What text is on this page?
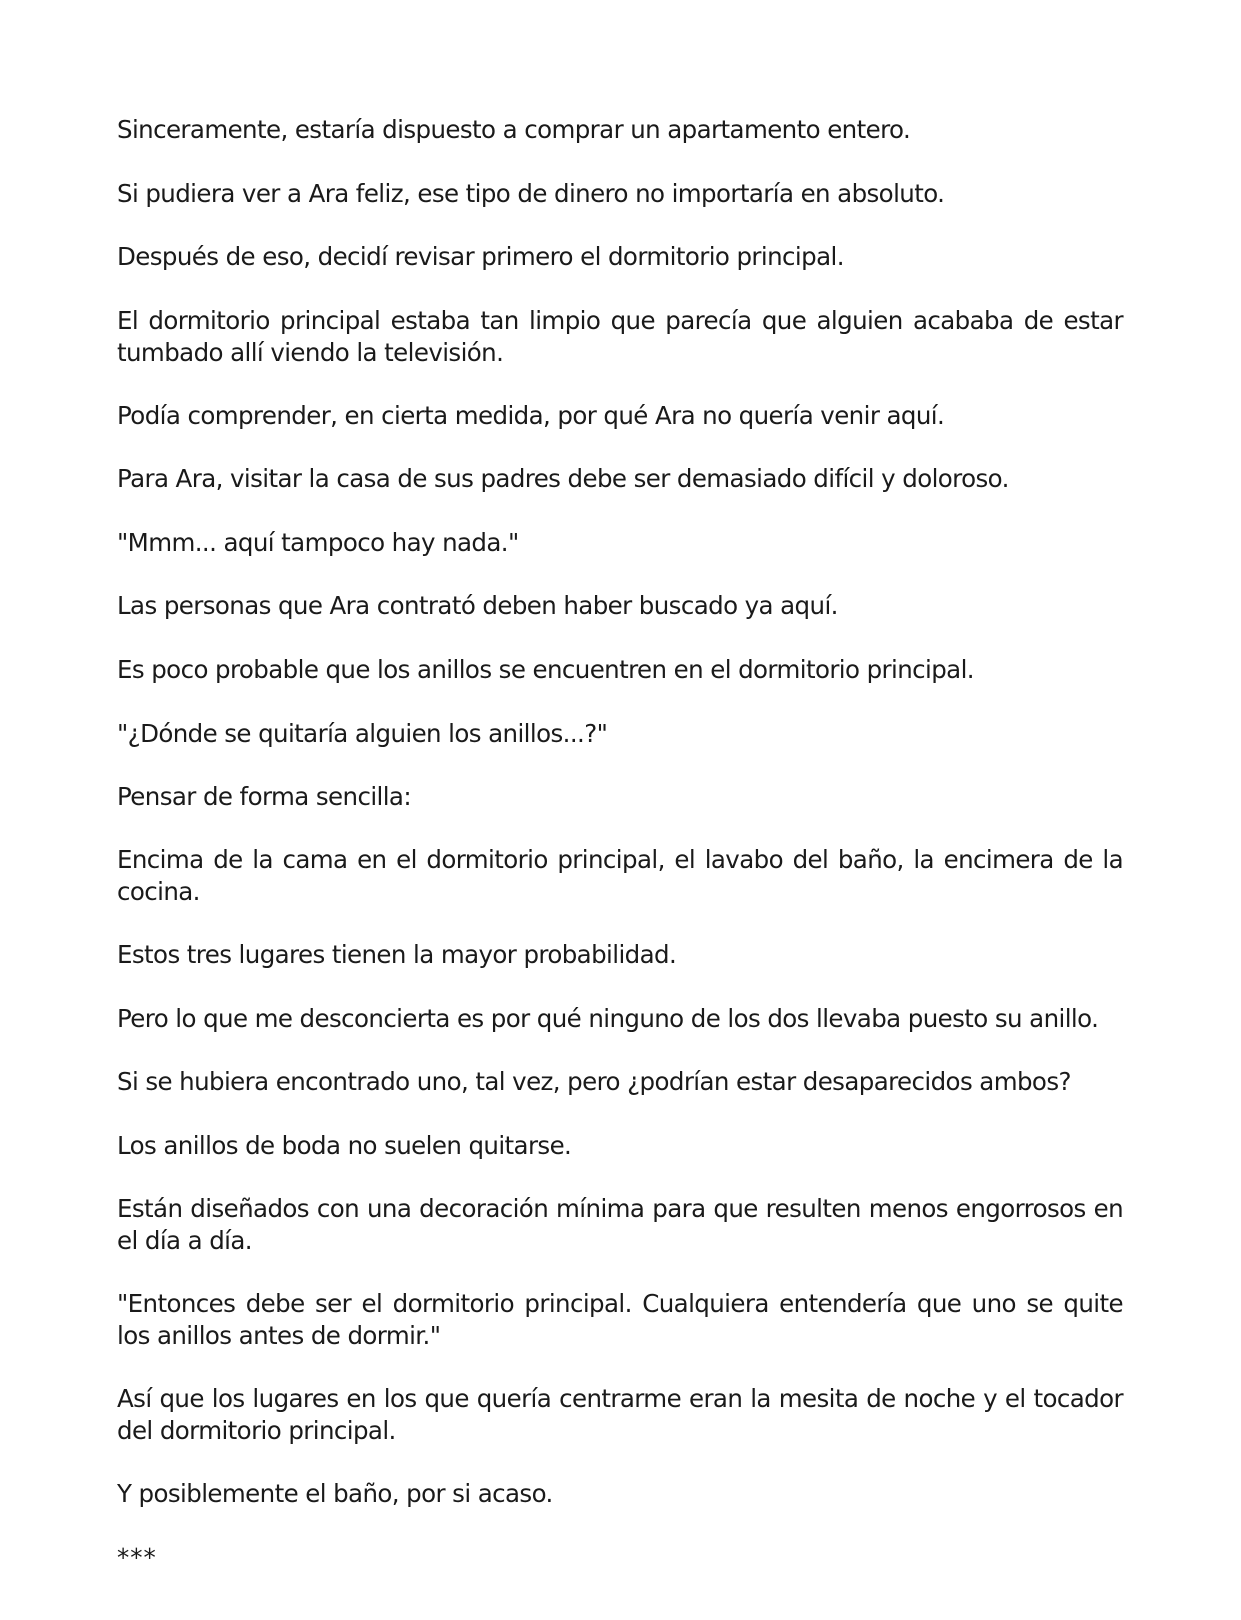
Sinceramente, estaría dispuesto a comprar un apartamento entero.

Si pudiera ver a Ara feliz, ese tipo de dinero no importaría en absoluto.

Después de eso, decidí revisar primero el dormitorio principal.

El dormitorio principal estaba tan limpio que parecía que alguien acababa de estar tumbado allí viendo la televisión.

Podía comprender, en cierta medida, por qué Ara no quería venir aquí.

Para Ara, visitar la casa de sus padres debe ser demasiado difícil y doloroso.

"Mmm... aquí tampoco hay nada."

Las personas que Ara contrató deben haber buscado ya aquí.

Es poco probable que los anillos se encuentren en el dormitorio principal.

"¿Dónde se quitaría alguien los anillos...?"

Pensar de forma sencilla:

Encima de la cama en el dormitorio principal, el lavabo del baño, la encimera de la cocina.

Estos tres lugares tienen la mayor probabilidad.

Pero lo que me desconcierta es por qué ninguno de los dos llevaba puesto su anillo.

Si se hubiera encontrado uno, tal vez, pero ¿podrían estar desaparecidos ambos?

Los anillos de boda no suelen quitarse.

Están diseñados con una decoración mínima para que resulten menos engorrosos en el día a día.

"Entonces debe ser el dormitorio principal. Cualquiera entendería que uno se quite los anillos antes de dormir."

Así que los lugares en los que quería centrarme eran la mesita de noche y el tocador del dormitorio principal.

Y posiblemente el baño, por si acaso.

***
